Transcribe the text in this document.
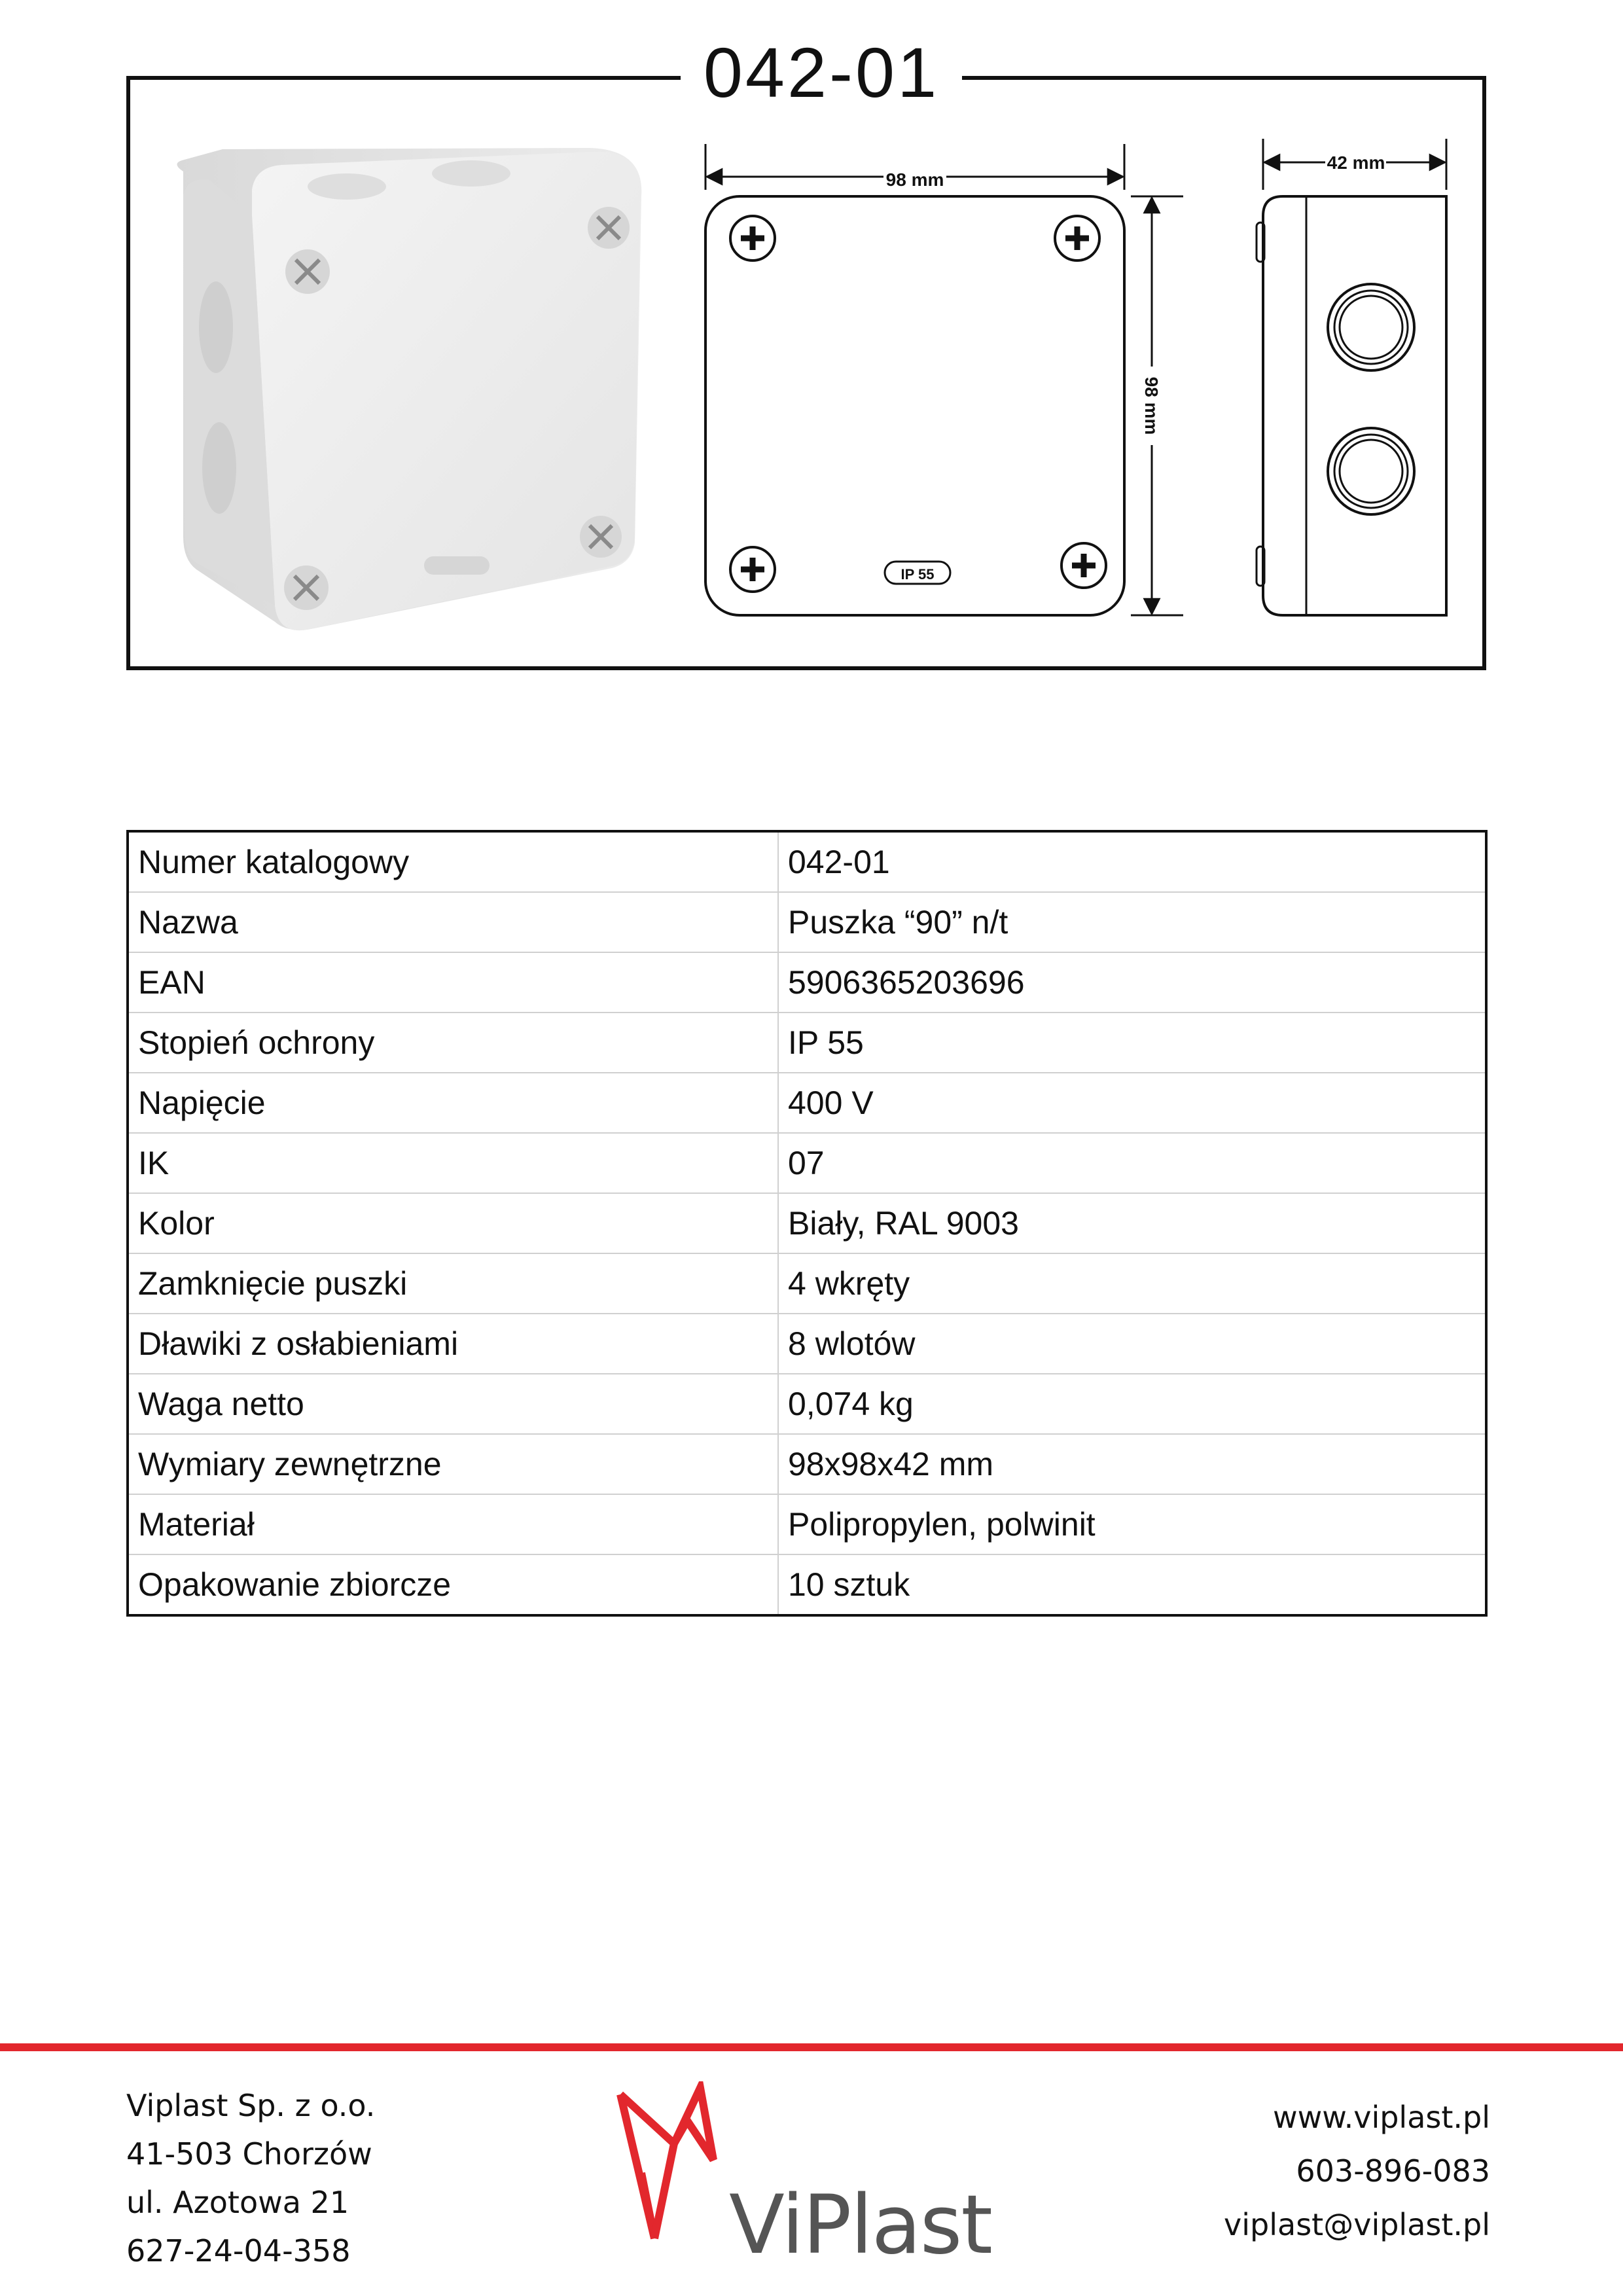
042-01
98 mm
IP 55
98 mm
42 mm
Numer katalogowy	042-01
Nazwa	Puszka “90” n/t
EAN	5906365203696
Stopień ochrony	IP 55
Napięcie	400 V
IK	07
Kolor	Biały, RAL 9003
Zamknięcie puszki	4 wkręty
Dławiki z osłabieniami	8 wlotów
Waga netto	0,074 kg
Wymiary zewnętrzne	98x98x42 mm
Materiał	Polipropylen, polwinit
Opakowanie zbiorcze	10 sztuk
Viplast Sp. z o.o.
41-503 Chorzów
ul. Azotowa 21
627-24-04-358	ViPlast
www.viplast.pl
603-896-083
viplast@viplast.pl
